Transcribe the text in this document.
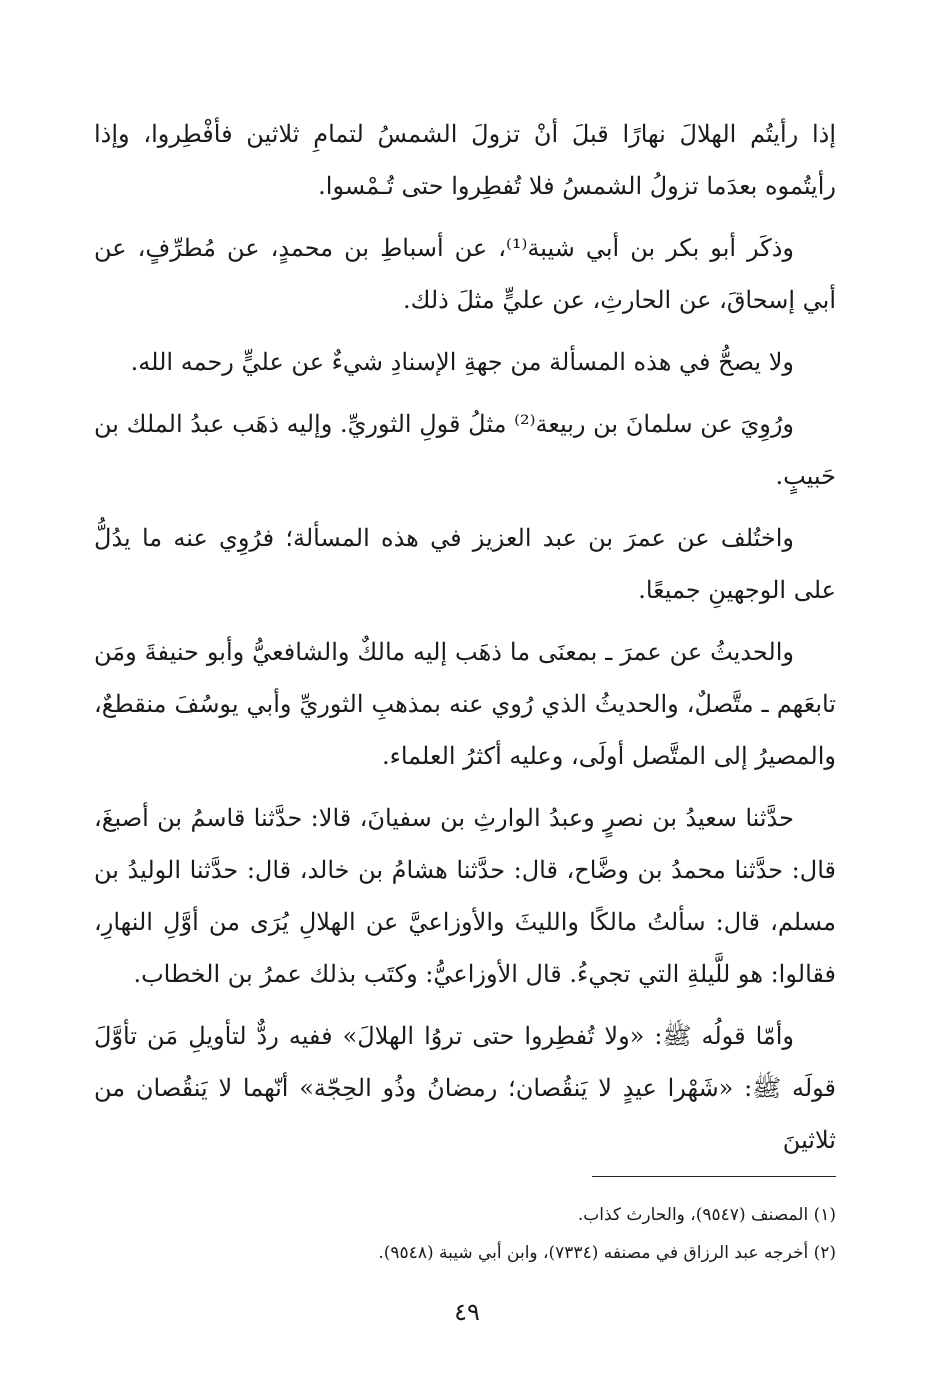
إذا رأيتُم الهلالَ نهارًا قبلَ أنْ تزولَ الشمسُ لتمامِ ثلاثين فأفْطِروا، وإذا رأيتُموه بعدَما تزولُ الشمسُ فلا تُفطِروا حتى تُـمْسوا.

وذكَر أبو بكر بن أبي شيبة⁽¹⁾، عن أسباطِ بن محمدٍ، عن مُطرِّفٍ، عن أبي إسحاقَ، عن الحارثِ، عن عليٍّ مثلَ ذلك.

ولا يصحُّ في هذه المسألة من جهةِ الإسنادِ شيءٌ عن عليٍّ رحمه الله.

ورُوِيَ عن سلمانَ بن ربيعة⁽²⁾ مثلُ قولِ الثوريِّ. وإليه ذهَب عبدُ الملك بن حَبيبٍ.

واختُلف عن عمرَ بن عبد العزيز في هذه المسألة؛ فرُوِي عنه ما يدُلُّ على الوجهينِ جميعًا.

والحديثُ عن عمرَ ـ بمعنَى ما ذهَب إليه مالكٌ والشافعيُّ وأبو حنيفةَ ومَن تابعَهم ـ متَّصلٌ، والحديثُ الذي رُوي عنه بمذهبِ الثوريِّ وأبي يوسُفَ منقطعٌ، والمصيرُ إلى المتَّصل أولَى، وعليه أكثرُ العلماء.

حدَّثنا سعيدُ بن نصرٍ وعبدُ الوارثِ بن سفيانَ، قالا: حدَّثنا قاسمُ بن أصبغَ، قال: حدَّثنا محمدُ بن وضَّاح، قال: حدَّثنا هشامُ بن خالد، قال: حدَّثنا الوليدُ بن مسلم، قال: سألتُ مالكًا والليثَ والأوزاعيَّ عن الهلالِ يُرَى من أوَّلِ النهارِ، فقالوا: هو للَّيلةِ التي تجيءُ. قال الأوزاعيُّ: وكتَب بذلك عمرُ بن الخطاب.

وأمّا قولُه ﷺ: «ولا تُفطِروا حتى تروُا الهلالَ» ففيه ردٌّ لتأويلِ مَن تأوَّلَ قولَه ﷺ: «شَهْرا عيدٍ لا يَنقُصان؛ رمضانُ وذُو الحِجّة» أنّهما لا يَنقُصان من ثلاثينَ

(١) المصنف (٩٥٤٧)، والحارث كذاب.

(٢) أخرجه عبد الرزاق في مصنفه (٧٣٣٤)، وابن أبي شيبة (٩٥٤٨).

٤٩
